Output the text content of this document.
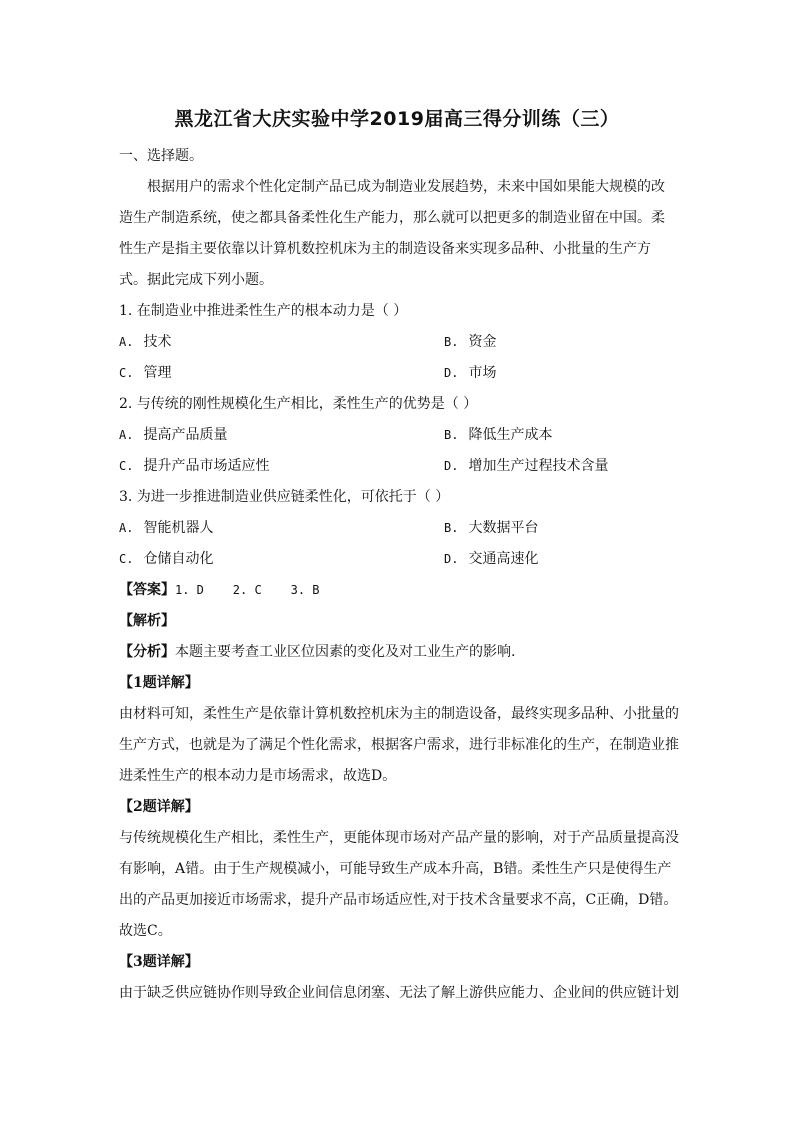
黑龙江省大庆实验中学2019届高三得分训练（三）
一、选择题。
根据用户的需求个性化定制产品已成为制造业发展趋势，未来中国如果能大规模的改
造生产制造系统，使之都具备柔性化生产能力，那么就可以把更多的制造业留在中国。柔
性生产是指主要依靠以计算机数控机床为主的制造设备来实现多品种、小批量的生产方
式。据此完成下列小题。
1. 在制造业中推进柔性生产的根本动力是（ ）
A. 技术	B. 资金
C. 管理	D. 市场
2. 与传统的刚性规模化生产相比，柔性生产的优势是（ ）
A. 提高产品质量	B. 降低生产成本
C. 提升产品市场适应性	D. 增加生产过程技术含量
3. 为进一步推进制造业供应链柔性化，可依托于（ ）
A. 智能机器人	B. 大数据平台
C. 仓储自动化	D. 交通高速化
【答案】1. D    2. C    3. B
【解析】
【分析】本题主要考查工业区位因素的变化及对工业生产的影响.
【1题详解】
由材料可知，柔性生产是依靠计算机数控机床为主的制造设备，最终实现多品种、小批量的
生产方式，也就是为了满足个性化需求，根据客户需求，进行非标准化的生产，在制造业推
进柔性生产的根本动力是市场需求，故选D。
【2题详解】
与传统规模化生产相比，柔性生产，更能体现市场对产品产量的影响，对于产品质量提高没
有影响，A错。由于生产规模减小，可能导致生产成本升高，B错。柔性生产只是使得生产
出的产品更加接近市场需求，提升产品市场适应性,对于技术含量要求不高，C正确，D错。
故选C。
【3题详解】
由于缺乏供应链协作则导致企业间信息闭塞、无法了解上游供应能力、企业间的供应链计划
